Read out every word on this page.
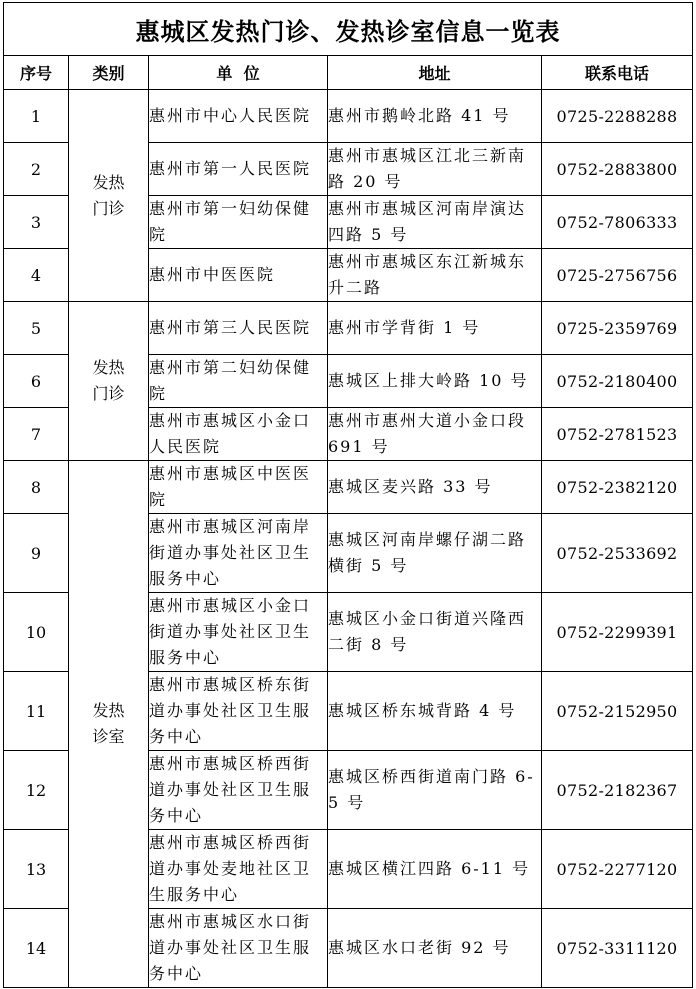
惠城区发热门诊、发热诊室信息一览表				
序号	类别	单  位	地址	联系电话
1	发热门诊	惠州市中心人民医院	惠州市鹅岭北路 41 号	0725-2288288
2		惠州市第一人民医院	惠州市惠城区江北三新南路 20 号	0752-2883800
3		惠州市第一妇幼保健院	惠州市惠城区河南岸演达四路 5 号	0752-7806333
4		惠州市中医医院	惠州市惠城区东江新城东升二路	0725-2756756
5	发热门诊	惠州市第三人民医院	惠州市学背街 1 号	0725-2359769
6		惠州市第二妇幼保健院	惠城区上排大岭路 10 号	0752-2180400
7		惠州市惠城区小金口人民医院	惠州市惠州大道小金口段 691 号	0752-2781523
8	发热诊室	惠州市惠城区中医医院	惠城区麦兴路 33 号	0752-2382120
9		惠州市惠城区河南岸街道办事处社区卫生服务中心	惠城区河南岸螺仔湖二路横街 5 号	0752-2533692
10		惠州市惠城区小金口街道办事处社区卫生服务中心	惠城区小金口街道兴隆西二街 8 号	0752-2299391
11		惠州市惠城区桥东街道办事处社区卫生服务中心	惠城区桥东城背路 4 号	0752-2152950
12		惠州市惠城区桥西街道办事处社区卫生服务中心	惠城区桥西街道南门路 6-5 号	0752-2182367
13		惠州市惠城区桥西街道办事处麦地社区卫生服务中心	惠城区横江四路 6-11 号	0752-2277120
14		惠州市惠城区水口街道办事处社区卫生服务中心	惠城区水口老街 92 号	0752-3311120
